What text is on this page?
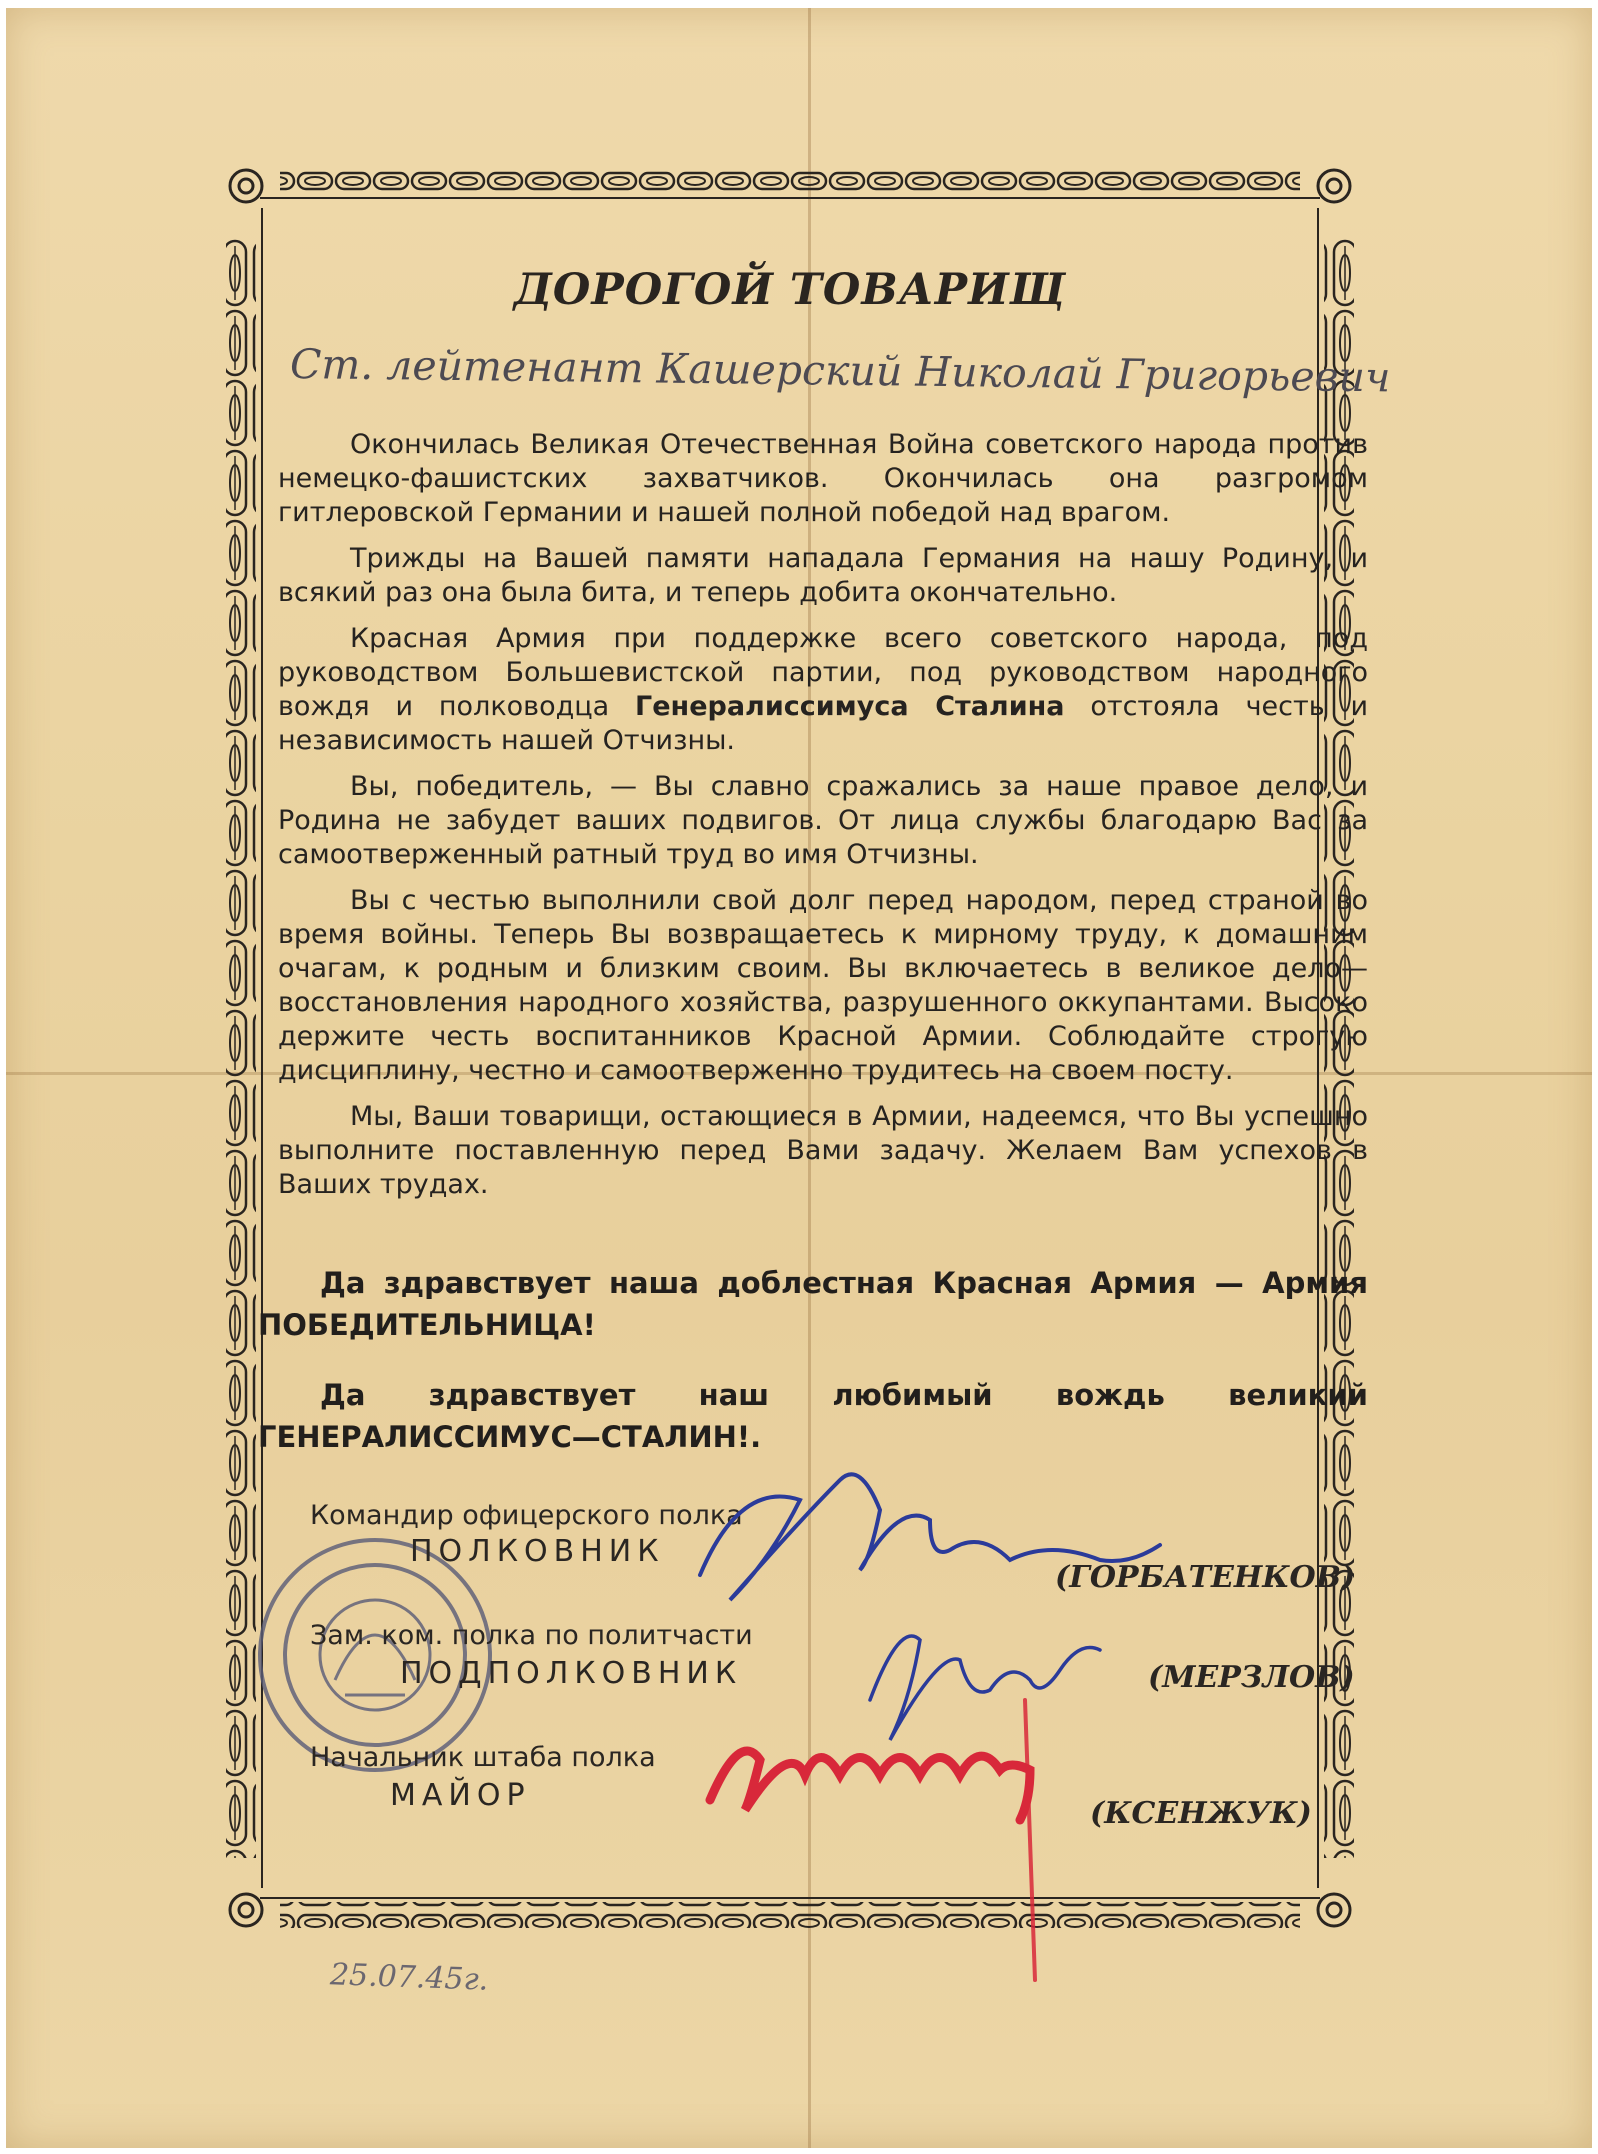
ДОРОГОЙ ТОВАРИЩ
Ст. лейтенант Кашерский Николай Григорьевич

Окончилась Великая Отечественная Война советского народа против немецко-фашистских захватчиков. Окончилась она разгромом гитлеровской Германии и нашей полной победой над врагом.

Трижды на Вашей памяти нападала Германия на нашу Родину, и всякий раз она была бита, и теперь добита окончательно.

Красная Армия при поддержке всего советского народа, под руководством Большевистской партии, под руководством народного вождя и полководца Генералиссимуса Сталина отстояла честь и независимость нашей Отчизны.

Вы, победитель, — Вы славно сражались за наше правое дело, и Родина не забудет ваших подвигов. От лица службы благодарю Вас за самоотверженный ратный труд во имя Отчизны.

Вы с честью выполнили свой долг перед народом, перед страной во время войны. Теперь Вы возвращаетесь к мирному труду, к домашним очагам, к родным и близким своим. Вы включаетесь в великое дело—восстановления народного хозяйства, разрушенного оккупантами. Высоко держите честь воспитанников Красной Армии. Соблюдайте строгую дисциплину, честно и самоотверженно трудитесь на своем посту.

Мы, Ваши товарищи, остающиеся в Армии, надеемся, что Вы успешно выполните поставленную перед Вами задачу. Желаем Вам успехов в Ваших трудах.

Да здравствует наша доблестная Красная Армия — Армия ПОБЕДИТЕЛЬНИЦА!

Да здравствует наш любимый вождь великий ГЕНЕРАЛИССИМУС—СТАЛИН!.

Командир офицерского полка
ПОЛКОВНИК
(ГОРБАТЕНКОВ)
Зам. ком. полка по политчасти
ПОДПОЛКОВНИК	(МЕРЗЛОВ)
Начальник штаба полка
МАЙОР
(КСЕНЖУК)
25.07.45г.
